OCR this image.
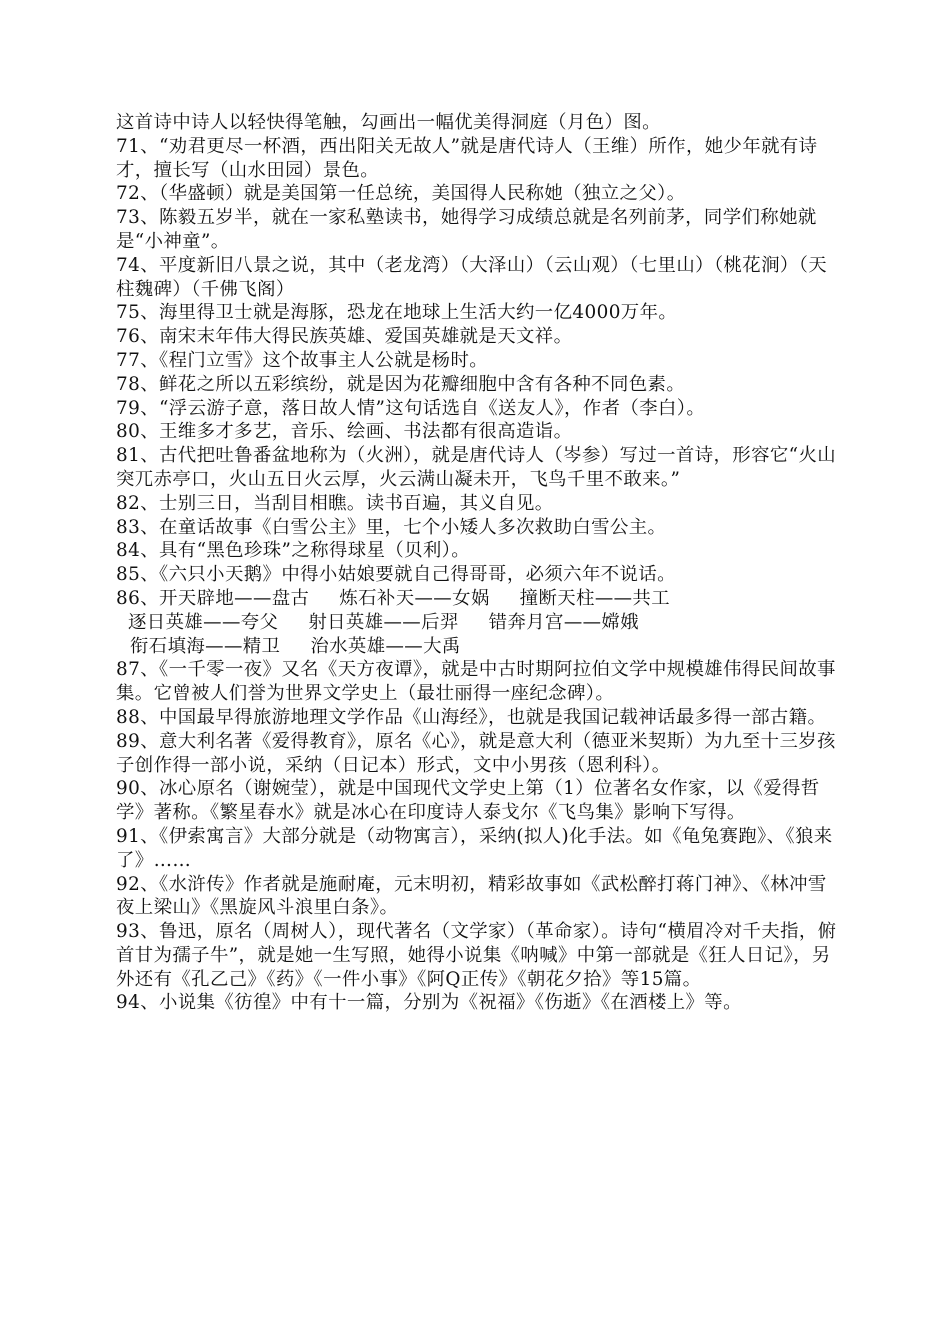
这首诗中诗人以轻快得笔触，勾画出一幅优美得洞庭（月色）图。

71、“劝君更尽一杯酒，西出阳关无故人”就是唐代诗人（王维）所作，她少年就有诗才，擅长写（山水田园）景色。

72、（华盛顿）就是美国第一任总统，美国得人民称她（独立之父）。

73、陈毅五岁半，就在一家私塾读书，她得学习成绩总就是名列前茅，同学们称她就是“小神童”。

74、平度新旧八景之说，其中（老龙湾）（大泽山）（云山观）（七里山）（桃花涧）（天柱魏碑）（千佛飞阁）

75、海里得卫士就是海豚，恐龙在地球上生活大约一亿4000万年。

76、南宋末年伟大得民族英雄、爱国英雄就是天文祥。

77、《程门立雪》这个故事主人公就是杨时。

78、鲜花之所以五彩缤纷，就是因为花瓣细胞中含有各种不同色素。

79、“浮云游子意，落日故人情”这句话选自《送友人》，作者（李白）。

80、王维多才多艺，音乐、绘画、书法都有很高造诣。

81、古代把吐鲁番盆地称为（火洲），就是唐代诗人（岑参）写过一首诗，形容它“火山突兀赤亭口，火山五日火云厚，火云满山凝未开，飞鸟千里不敢来。”

82、士别三日，当刮目相瞧。读书百遍，其义自见。

83、在童话故事《白雪公主》里，七个小矮人多次救助白雪公主。

84、具有“黑色珍珠”之称得球星（贝利）。

85、《六只小天鹅》中得小姑娘要就自己得哥哥，必须六年不说话。

86、开天辟地——盘古 炼石补天——女娲 撞断天柱——共工
逐日英雄——夸父 射日英雄——后羿 错奔月宫——嫦娥
衔石填海——精卫 治水英雄——大禹

87、《一千零一夜》又名《天方夜谭》，就是中古时期阿拉伯文学中规模雄伟得民间故事集。它曾被人们誉为世界文学史上（最壮丽得一座纪念碑）。

88、中国最早得旅游地理文学作品《山海经》，也就是我国记载神话最多得一部古籍。

89、意大利名著《爱得教育》，原名《心》，就是意大利（德亚米契斯）为九至十三岁孩子创作得一部小说，采纳（日记本）形式，文中小男孩（恩利科）。

90、冰心原名（谢婉莹），就是中国现代文学史上第（1）位著名女作家，以《爱得哲学》著称。《繁星春水》就是冰心在印度诗人泰戈尔《飞鸟集》影响下写得。

91、《伊索寓言》大部分就是（动物寓言），采纳(拟人)化手法。如《龟兔赛跑》、《狼来了》……

92、《水浒传》作者就是施耐庵，元末明初，精彩故事如《武松醉打蒋门神》、《林冲雪夜上梁山》《黑旋风斗浪里白条》。

93、鲁迅，原名（周树人），现代著名（文学家）（革命家）。诗句“横眉冷对千夫指，俯首甘为孺子牛”，就是她一生写照，她得小说集《呐喊》中第一部就是《狂人日记》，另外还有《孔乙己》《药》《一件小事》《阿Q正传》《朝花夕拾》等15篇。

94、小说集《彷徨》中有十一篇，分别为《祝福》《伤逝》《在酒楼上》等。
